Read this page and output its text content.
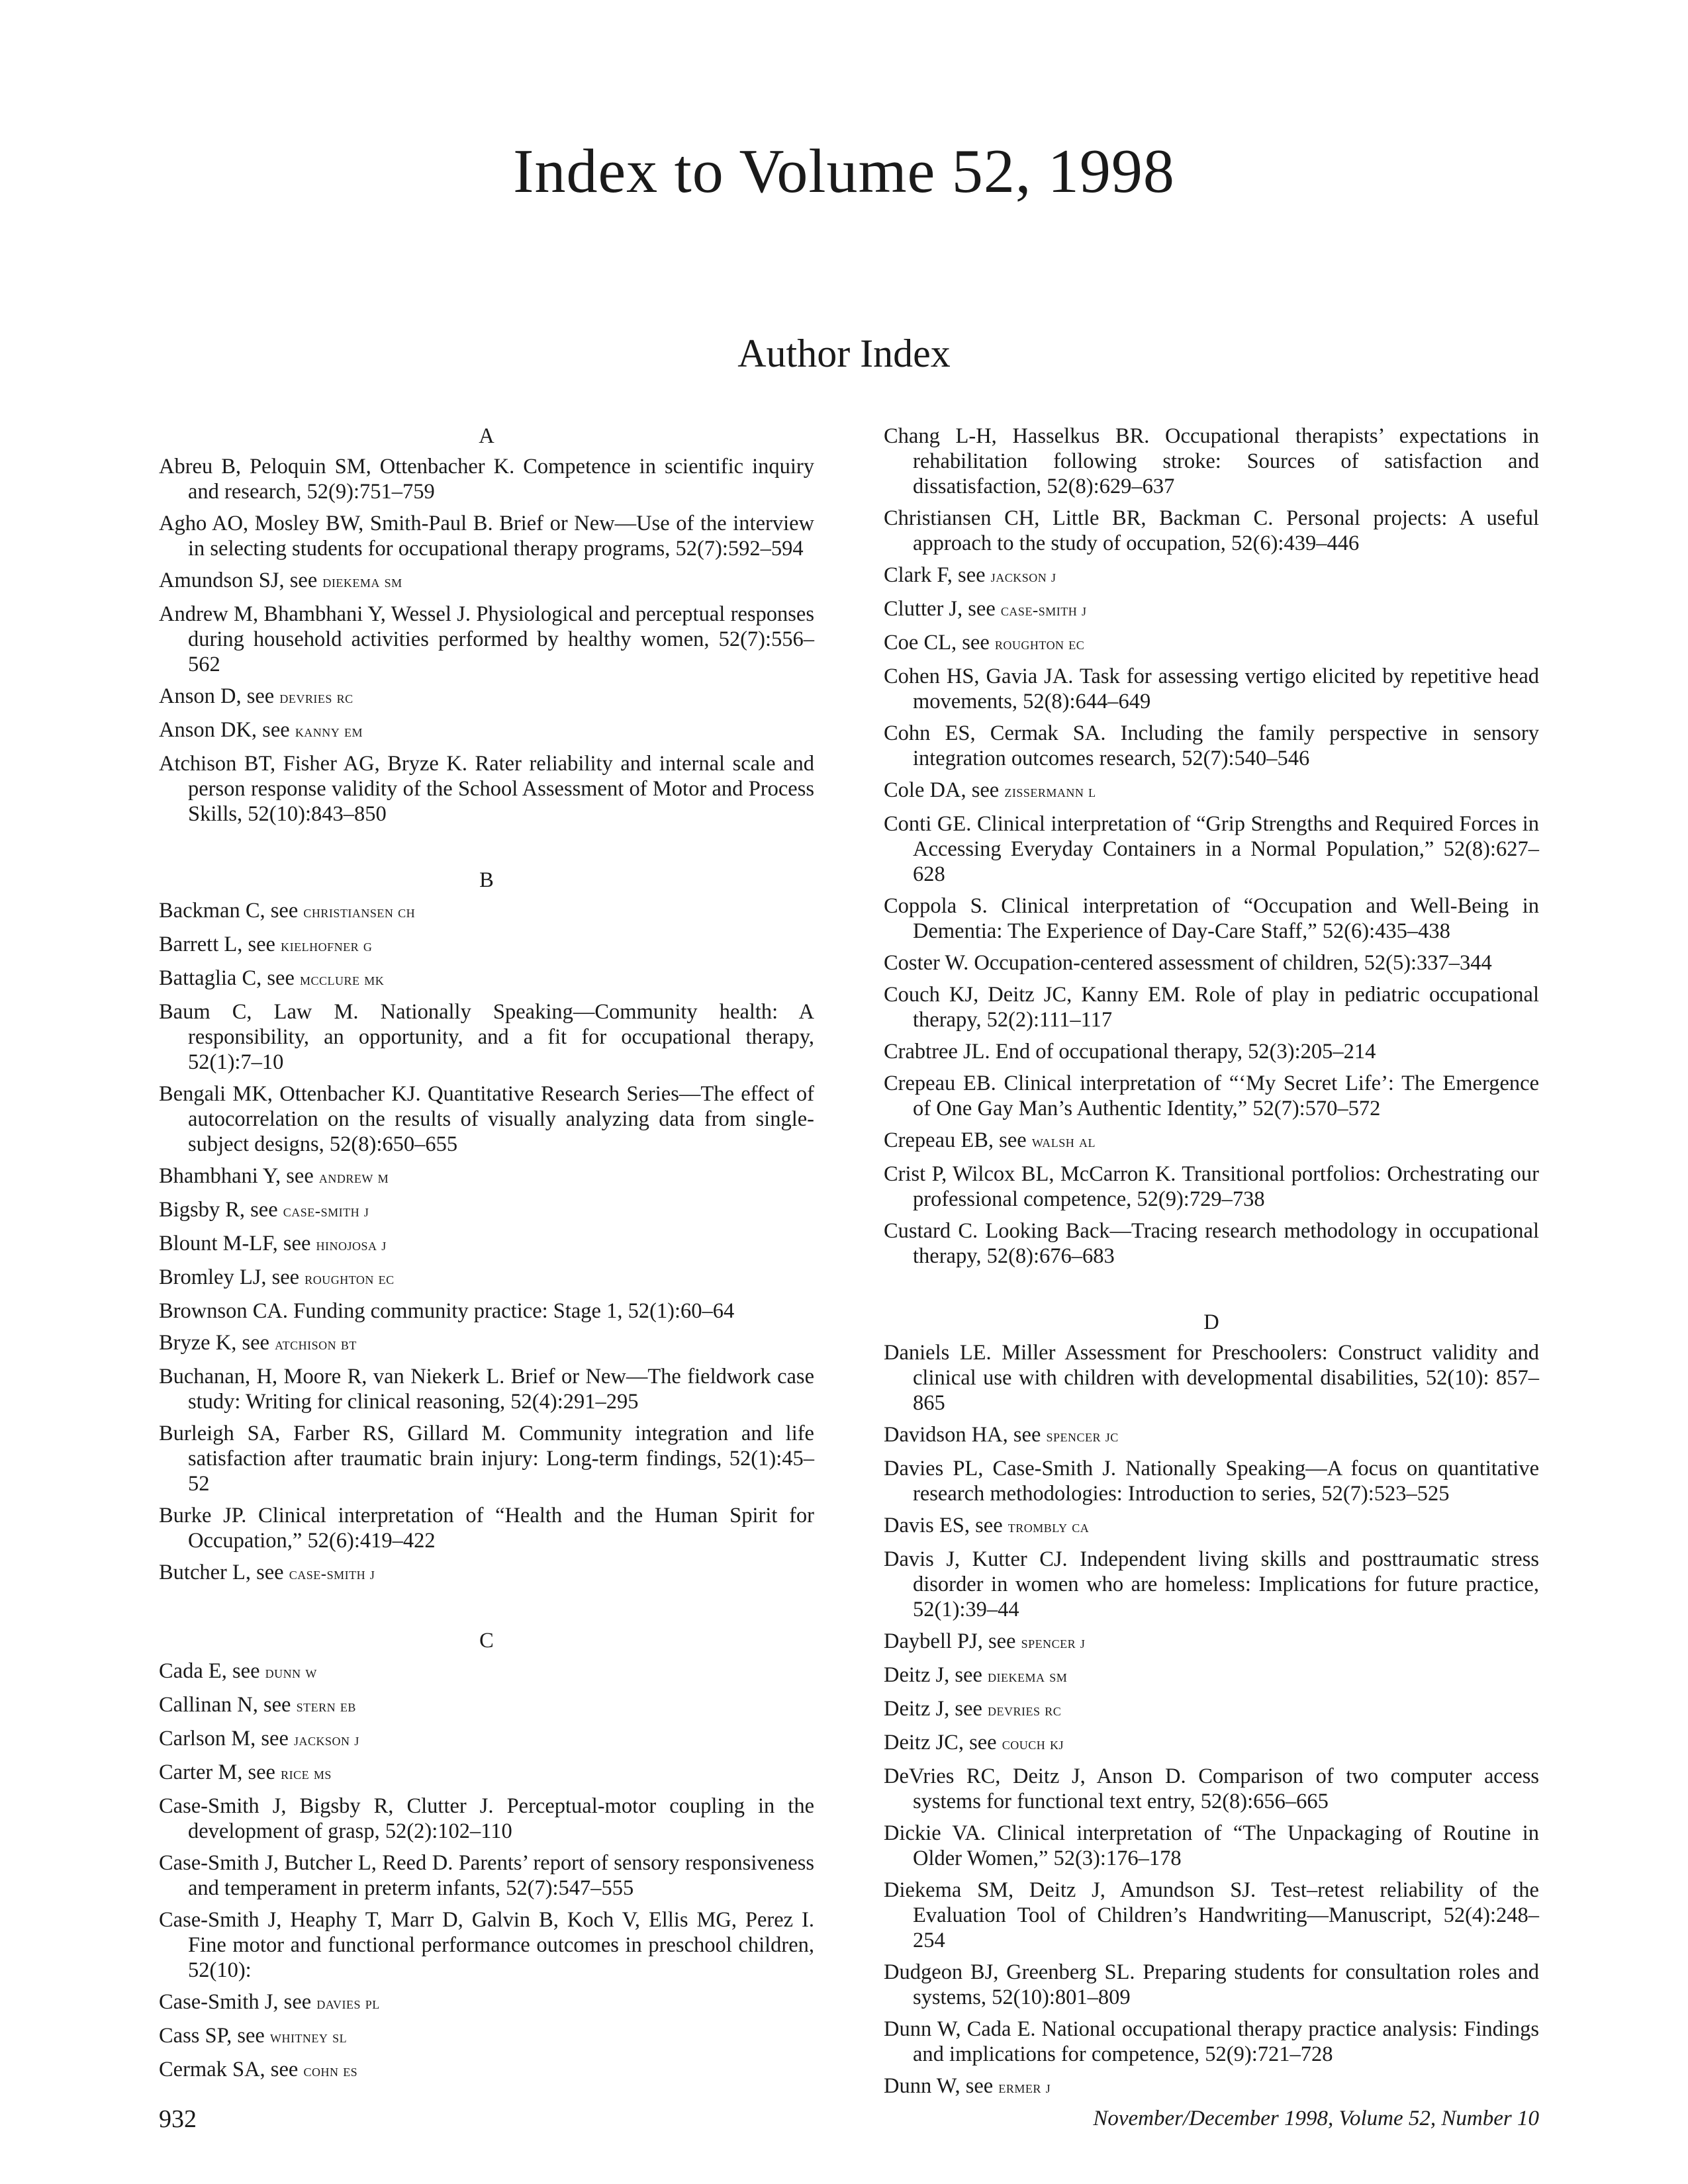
Index to Volume 52, 1998
Author Index
A

Abreu B, Peloquin SM, Ottenbacher K. Competence in scientific inquiry and research, 52(9):751–759

Agho AO, Mosley BW, Smith-Paul B. Brief or New—Use of the interview in selecting students for occupational therapy programs, 52(7):592–594

Amundson SJ, see diekema sm

Andrew M, Bhambhani Y, Wessel J. Physiological and perceptual responses during household activities performed by healthy women, 52(7):556–562

Anson D, see devries rc

Anson DK, see kanny em

Atchison BT, Fisher AG, Bryze K. Rater reliability and internal scale and person response validity of the School Assessment of Motor and Process Skills, 52(10):843–850

B

Backman C, see christiansen ch

Barrett L, see kielhofner g

Battaglia C, see mcclure mk

Baum C, Law M. Nationally Speaking—Community health: A responsibility, an opportunity, and a fit for occupational therapy, 52(1):7–10

Bengali MK, Ottenbacher KJ. Quantitative Research Series—The effect of autocorrelation on the results of visually analyzing data from single-subject designs, 52(8):650–655

Bhambhani Y, see andrew m

Bigsby R, see case-smith j

Blount M-LF, see hinojosa j

Bromley LJ, see roughton ec

Brownson CA. Funding community practice: Stage 1, 52(1):60–64

Bryze K, see atchison bt

Buchanan, H, Moore R, van Niekerk L. Brief or New—The fieldwork case study: Writing for clinical reasoning, 52(4):291–295

Burleigh SA, Farber RS, Gillard M. Community integration and life satisfaction after traumatic brain injury: Long-term findings, 52(1):45–52

Burke JP. Clinical interpretation of “Health and the Human Spirit for Occupation,” 52(6):419–422

Butcher L, see case-smith j

C

Cada E, see dunn w

Callinan N, see stern eb

Carlson M, see jackson j

Carter M, see rice ms

Case-Smith J, Bigsby R, Clutter J. Perceptual-motor coupling in the development of grasp, 52(2):102–110

Case-Smith J, Butcher L, Reed D. Parents’ report of sensory responsiveness and temperament in preterm infants, 52(7):547–555

Case-Smith J, Heaphy T, Marr D, Galvin B, Koch V, Ellis MG, Perez I. Fine motor and functional performance outcomes in preschool children, 52(10):

Case-Smith J, see davies pl

Cass SP, see whitney sl

Cermak SA, see cohn es

Chang L-H, Hasselkus BR. Occupational therapists’ expectations in rehabilitation following stroke: Sources of satisfaction and dissatisfaction, 52(8):629–637

Christiansen CH, Little BR, Backman C. Personal projects: A useful approach to the study of occupation, 52(6):439–446

Clark F, see jackson j

Clutter J, see case-smith j

Coe CL, see roughton ec

Cohen HS, Gavia JA. Task for assessing vertigo elicited by repetitive head movements, 52(8):644–649

Cohn ES, Cermak SA. Including the family perspective in sensory integration outcomes research, 52(7):540–546

Cole DA, see zissermann l

Conti GE. Clinical interpretation of “Grip Strengths and Required Forces in Accessing Everyday Containers in a Normal Population,” 52(8):627–628

Coppola S. Clinical interpretation of “Occupation and Well-Being in Dementia: The Experience of Day-Care Staff,” 52(6):435–438

Coster W. Occupation-centered assessment of children, 52(5):337–344

Couch KJ, Deitz JC, Kanny EM. Role of play in pediatric occupational therapy, 52(2):111–117

Crabtree JL. End of occupational therapy, 52(3):205–214

Crepeau EB. Clinical interpretation of “‘My Secret Life’: The Emergence of One Gay Man’s Authentic Identity,” 52(7):570–572

Crepeau EB, see walsh al

Crist P, Wilcox BL, McCarron K. Transitional portfolios: Orchestrating our professional competence, 52(9):729–738

Custard C. Looking Back—Tracing research methodology in occupational therapy, 52(8):676–683

D

Daniels LE. Miller Assessment for Preschoolers: Construct validity and clinical use with children with developmental disabilities, 52(10): 857–865

Davidson HA, see spencer jc

Davies PL, Case-Smith J. Nationally Speaking—A focus on quantitative research methodologies: Introduction to series, 52(7):523–525

Davis ES, see trombly ca

Davis J, Kutter CJ. Independent living skills and posttraumatic stress disorder in women who are homeless: Implications for future practice, 52(1):39–44

Daybell PJ, see spencer j

Deitz J, see diekema sm

Deitz J, see devries rc

Deitz JC, see couch kj

DeVries RC, Deitz J, Anson D. Comparison of two computer access systems for functional text entry, 52(8):656–665

Dickie VA. Clinical interpretation of “The Unpackaging of Routine in Older Women,” 52(3):176–178

Diekema SM, Deitz J, Amundson SJ. Test–retest reliability of the Evaluation Tool of Children’s Handwriting—Manuscript, 52(4):248–254

Dudgeon BJ, Greenberg SL. Preparing students for consultation roles and systems, 52(10):801–809

Dunn W, Cada E. National occupational therapy practice analysis: Findings and implications for competence, 52(9):721–728

Dunn W, see ermer j

932	November/December 1998, Volume 52, Number 10
